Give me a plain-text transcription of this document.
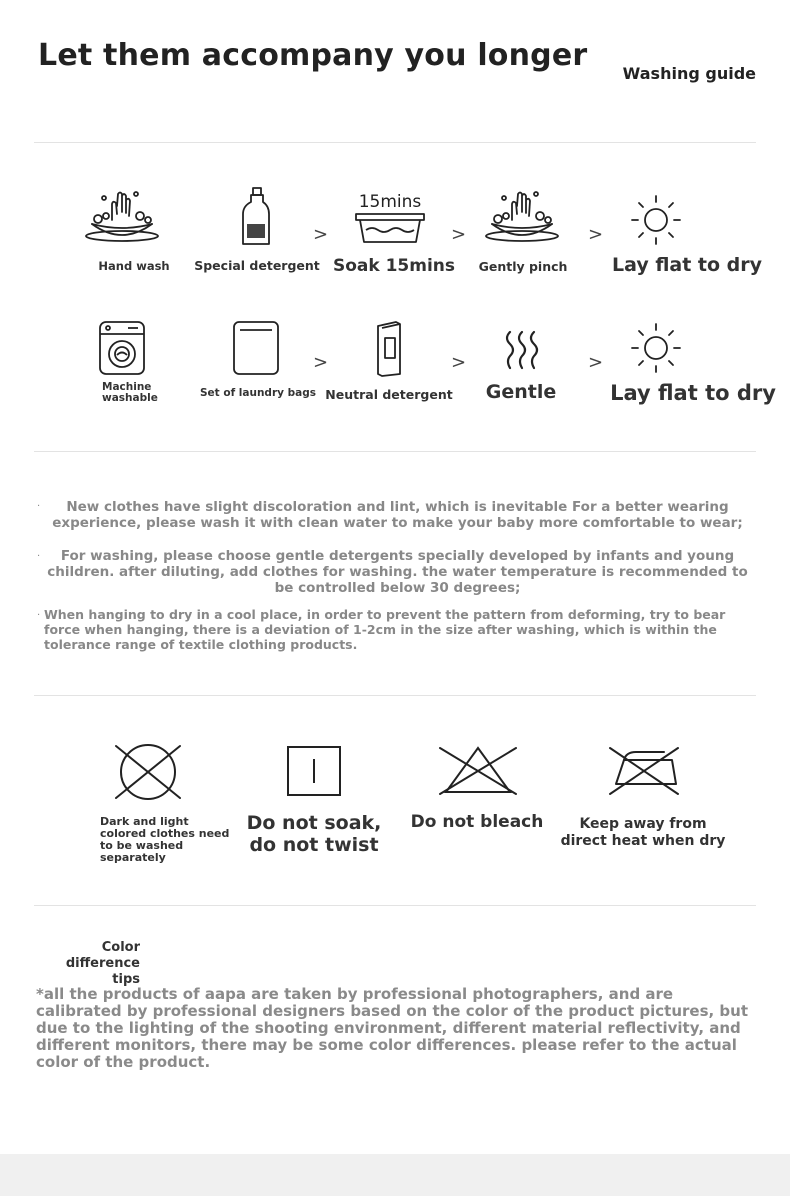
Let them accompany you longer
Washing guide
Hand wash Special detergent
>
15mins
Soak 15mins
>
Gently pinch
>
Lay flat to dry
Machine
washable	Set of laundry bags
>
Neutral detergent
>
Gentle
>
Lay flat to dry
.	New clothes have slight discoloration and lint, which is inevitable For a better wearing experience, please wash it with clean water to make your baby more comfortable to wear;
.	For washing, please choose gentle detergents specially developed by infants and young children. after diluting, add clothes for washing. the water temperature is recommended to be controlled below 30 degrees;
. When hanging to dry in a cool place, in order to prevent the pattern from deforming, try to bear force when hanging, there is a deviation of 1-2cm in the size after washing, which is within the tolerance range of textile clothing products.
Dark and light colored clothes need to be washed separately
Do not soak, do not twist
Do not bleach	Keep away from direct heat when dry
Color difference tips
*all the products of aapa are taken by professional photographers, and are calibrated by professional designers based on the color of the product pictures, but due to the lighting of the shooting environment, different material reflectivity, and different monitors, there may be some color differences. please refer to the actual color of the product.
